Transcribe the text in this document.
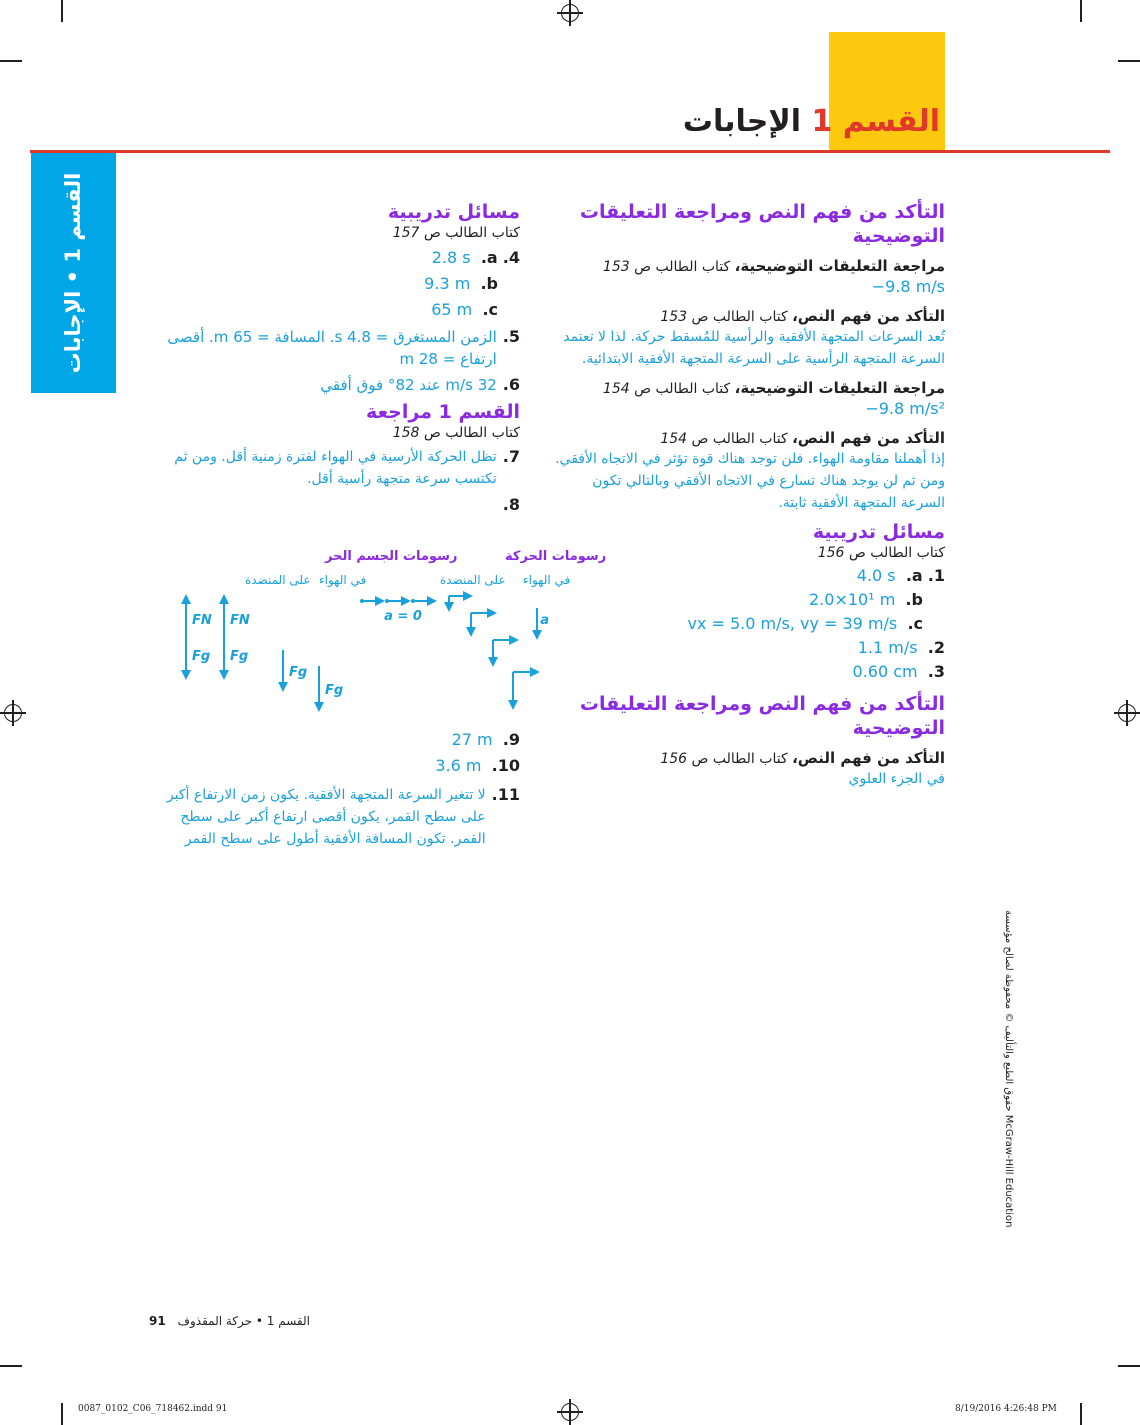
القسم 1 الإجابات
القسم 1 • الإجابات	التأكد من فهم النص ومراجعة التعليقات التوضيحية
مراجعة التعليقات التوضيحية، كتاب الطالب ص 153
−9.8 m/s
التأكد من فهم النص، كتاب الطالب ص 153
تُعد السرعات المتجهة الأفقية والرأسية للمُسقط حركة. لذا لا تعتمد السرعة المتجهة الرأسية على السرعة المتجهة الأفقية الابتدائية.
مراجعة التعليقات التوضيحية، كتاب الطالب ص 154
−9.8 m/s²
التأكد من فهم النص، كتاب الطالب ص 154
إذا أهملنا مقاومة الهواء. فلن توجد هناك قوة تؤثر في الاتجاه الأفقي. ومن ثم لن يوجد هناك تسارع في الاتجاه الأفقي وبالتالي تكون السرعة المتجهة الأفقية ثابتة.
مسائل تدريبية
كتاب الطالب ص 156
1. a.  4.0 s
b.  2.0×10¹ m
c.  vx = 5.0 m/s, vy = 39 m/s
2.  1.1 m/s
3.  0.60 cm
التأكد من فهم النص ومراجعة التعليقات التوضيحية
التأكد من فهم النص، كتاب الطالب ص 156
في الجزء العلوي
مسائل تدريبية
كتاب الطالب ص 157
4. a.  2.8 s
b.  9.3 m
c.  65 m
5.
الزمن المستغرق = 4.8 s. المسافة = 65 m. أقصى ارتفاع = 28 m
6.
32 m/s عند 82° فوق أفقي
القسم 1 مراجعة
كتاب الطالب ص 158
7.
تظل الحركة الأرسية في الهواء لفترة زمنية أقل. ومن ثم تكتسب سرعة متجهة رأسية أقل.
8.
رسومات الحركة
رسومات الجسم الحر
في الهواء
على المنضدة
في الهواء
على المنضدة
a = 0	a
FN
Fg
FN
Fg
Fg
Fg
9.  27 m
10.  3.6 m
11.
لا تتغير السرعة المتجهة الأفقية. يكون زمن الارتفاع أكبر على سطح القمر، يكون أقصى ارتفاع أكبر على سطح القمر. تكون المسافة الأفقية أطول على سطح القمر
حقوق الطبع والتأليف © محفوظة لصالح مؤسسة McGraw-Hill Education
القسم 1 • حركة المقذوف 91
0087_0102_C06_718462.indd 91	8/19/2016 4:26:48 PM
